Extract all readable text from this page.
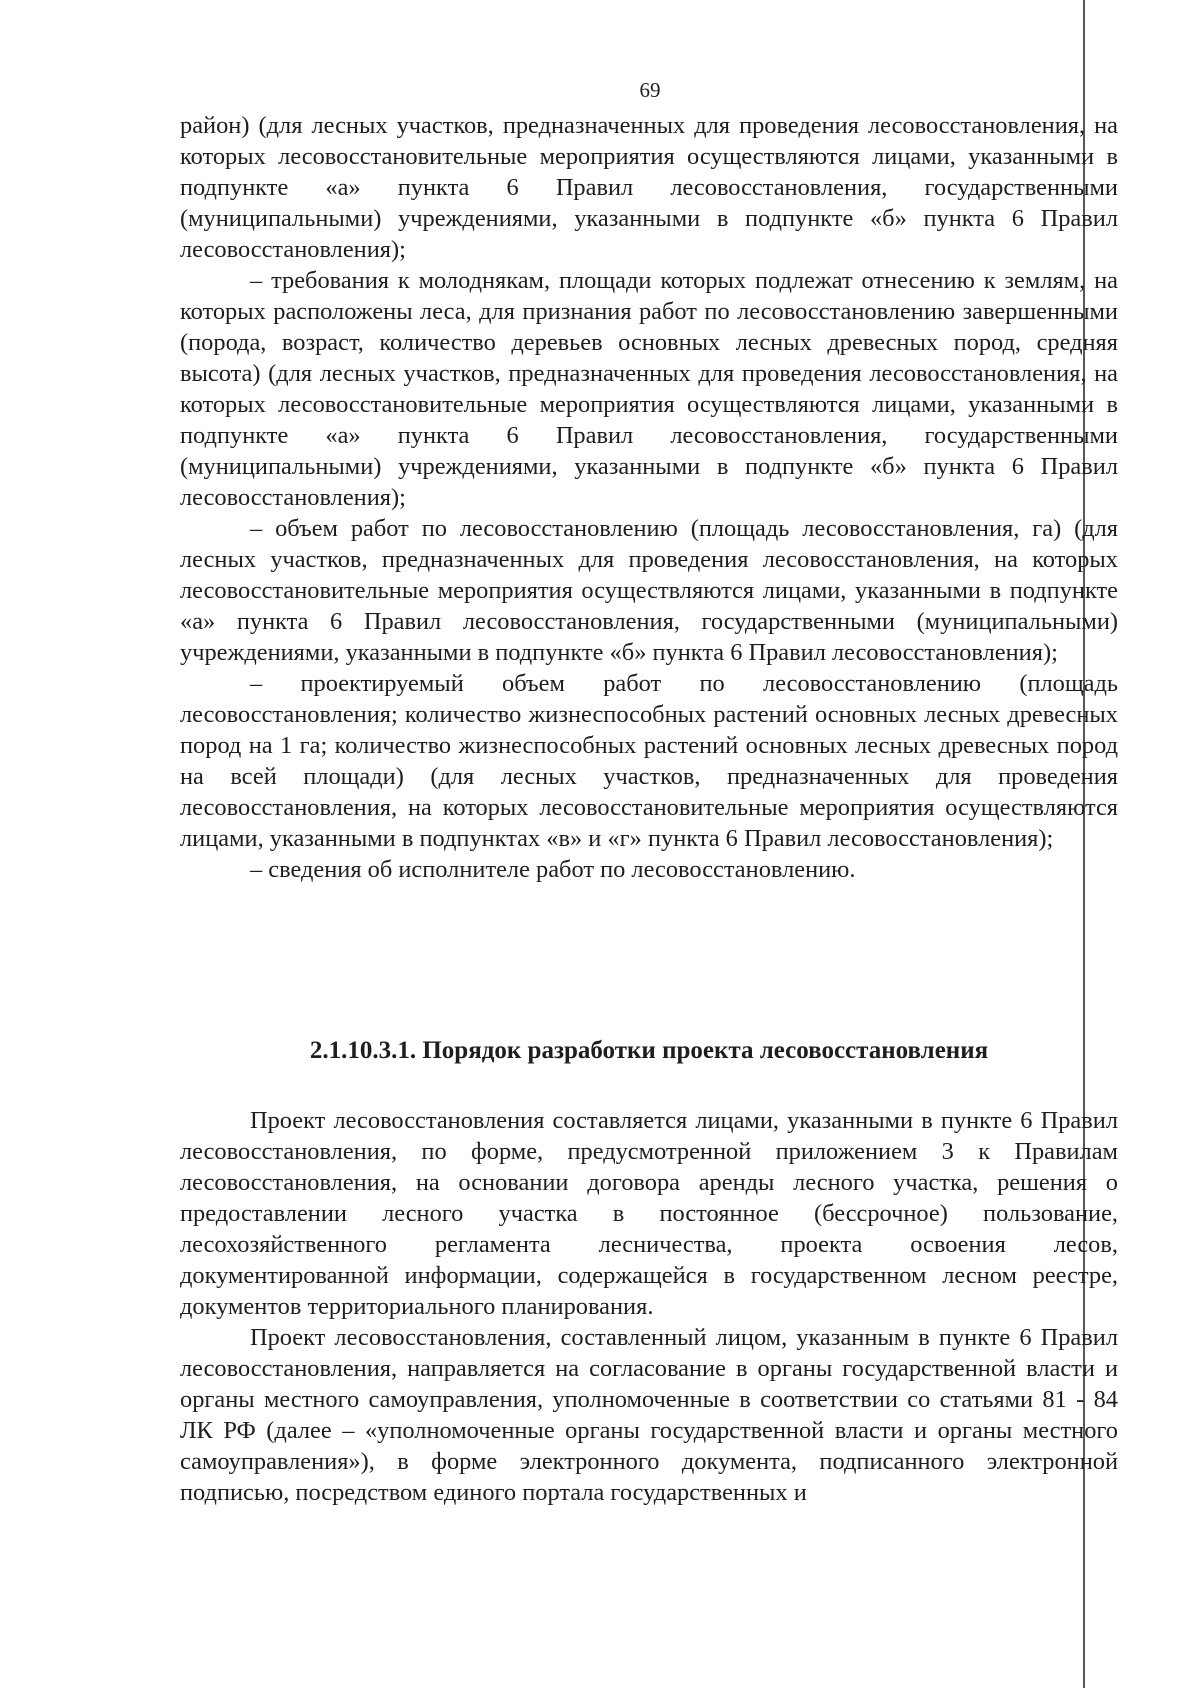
69

район) (для лесных участков, предназначенных для проведения лесовосстановления, на которых лесовосстановительные мероприятия осуществляются лицами, указанными в подпункте «а» пункта 6 Правил лесовосстановления, государственными (муниципальными) учреждениями, указанными в подпункте «б» пункта 6 Правил лесовосстановления);

– требования к молоднякам, площади которых подлежат отнесению к землям, на которых расположены леса, для признания работ по лесовосстановлению завершенными (порода, возраст, количество деревьев основных лесных древесных пород, средняя высота) (для лесных участков, предназначенных для проведения лесовосстановления, на которых лесовосстановительные мероприятия осуществляются лицами, указанными в подпункте «а» пункта 6 Правил лесовосстановления, государственными (муниципальными) учреждениями, указанными в подпункте «б» пункта 6 Правил лесовосстановления);

– объем работ по лесовосстановлению (площадь лесовосстановления, га) (для лесных участков, предназначенных для проведения лесовосстановления, на которых лесовосстановительные мероприятия осуществляются лицами, указанными в подпункте «а» пункта 6 Правил лесовосстановления, государственными (муниципальными) учреждениями, указанными в подпункте «б» пункта 6 Правил лесовосстановления);

– проектируемый объем работ по лесовосстановлению (площадь лесовосстановления; количество жизнеспособных растений основных лесных древесных пород на 1 га; количество жизнеспособных растений основных лесных древесных пород на всей площади) (для лесных участков, предназначенных для проведения лесовосстановления, на которых лесовосстановительные мероприятия осуществляются лицами, указанными в подпунктах «в» и «г» пункта 6 Правил лесовосстановления);

– сведения об исполнителе работ по лесовосстановлению.

2.1.10.3.1. Порядок разработки проекта лесовосстановления

Проект лесовосстановления составляется лицами, указанными в пункте 6 Правил лесовосстановления, по форме, предусмотренной приложением 3 к Правилам лесовосстановления, на основании договора аренды лесного участка, решения о предоставлении лесного участка в постоянное (бессрочное) пользование, лесохозяйственного регламента лесничества, проекта освоения лесов, документированной информации, содержащейся в государственном лесном реестре, документов территориального планирования.

Проект лесовосстановления, составленный лицом, указанным в пункте 6 Правил лесовосстановления, направляется на согласование в органы государственной власти и органы местного самоуправления, уполномоченные в соответствии со статьями 81 - 84 ЛК РФ (далее – «уполномоченные органы государственной власти и органы местного самоуправления»), в форме электронного документа, подписанного электронной подписью, посредством единого портала государственных и
